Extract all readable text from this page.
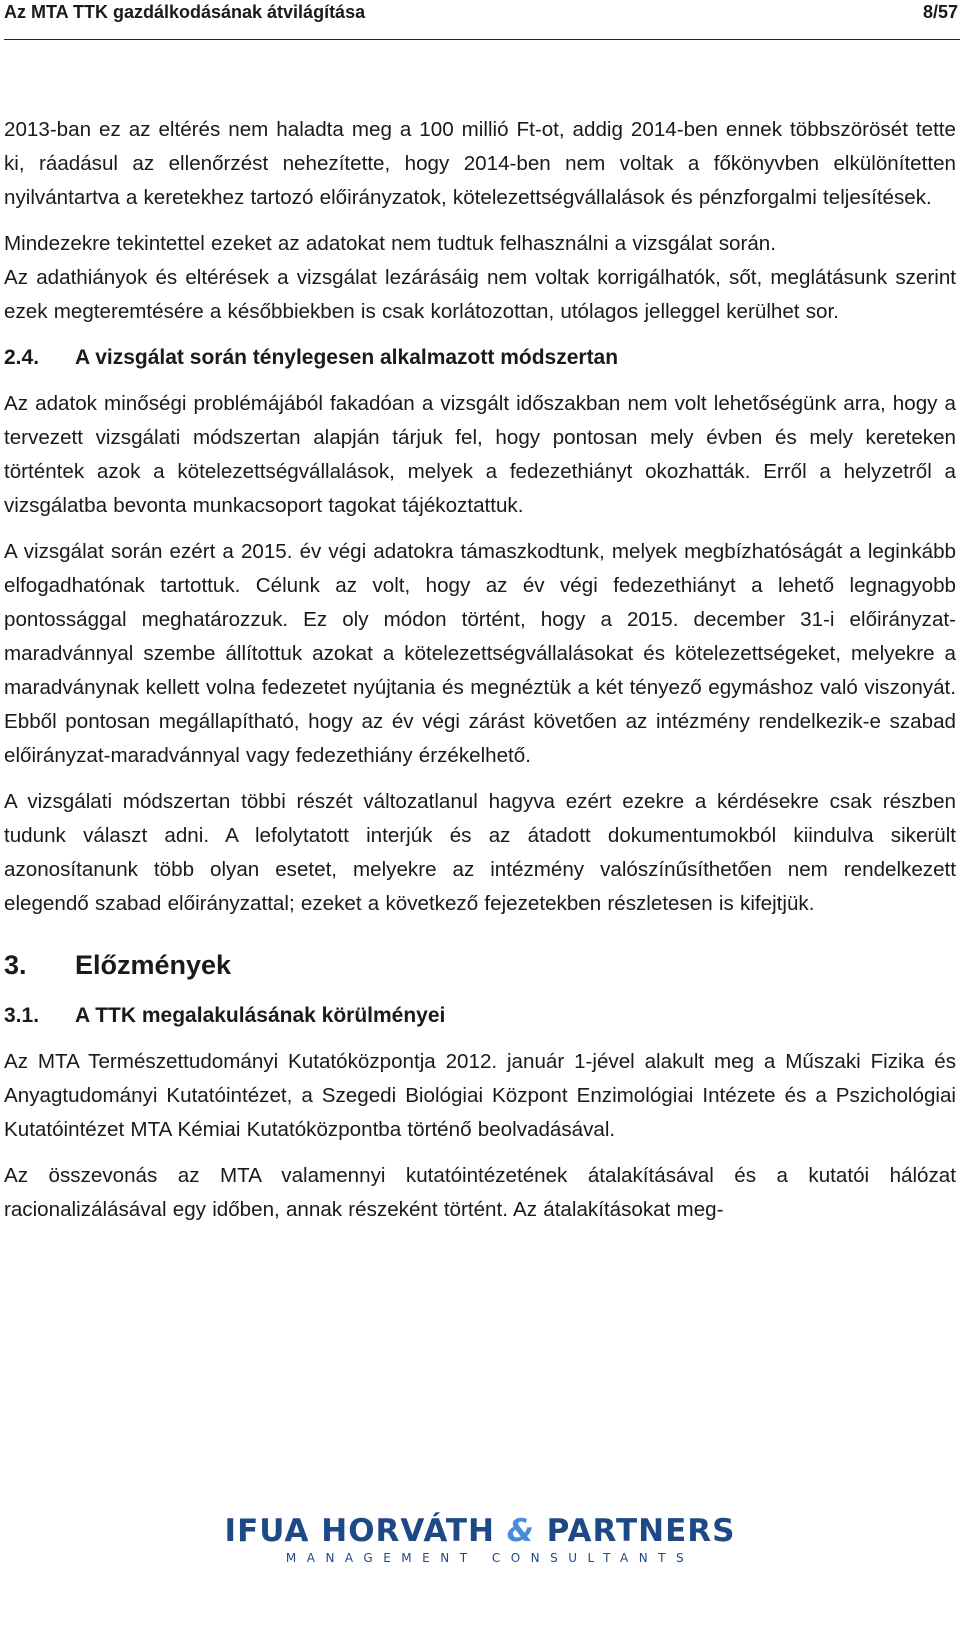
Az MTA TTK gazdálkodásának átvilágítása	8/57

2013-ban ez az eltérés nem haladta meg a 100 millió Ft-ot, addig 2014-ben ennek többszörösét tette ki, ráadásul az ellenőrzést nehezítette, hogy 2014-ben nem voltak a főkönyvben elkülönítetten nyilvántartva a keretekhez tartozó előirányzatok, kötelezettségvállalások és pénzforgalmi teljesítések.

Mindezekre tekintettel ezeket az adatokat nem tudtuk felhasználni a vizsgálat során.

Az adathiányok és eltérések a vizsgálat lezárásáig nem voltak korrigálhatók, sőt, meglátásunk szerint ezek megteremtésére a későbbiekben is csak korlátozottan, utólagos jelleggel kerülhet sor.

2.4.	A vizsgálat során ténylegesen alkalmazott módszertan

Az adatok minőségi problémájából fakadóan a vizsgált időszakban nem volt lehetőségünk arra, hogy a tervezett vizsgálati módszertan alapján tárjuk fel, hogy pontosan mely évben és mely kereteken történtek azok a kötelezettségvállalások, melyek a fedezethiányt okozhatták. Erről a helyzetről a vizsgálatba bevonta munkacsoport tagokat tájékoztattuk.

A vizsgálat során ezért a 2015. év végi adatokra támaszkodtunk, melyek megbízhatóságát a leginkább elfogadhatónak tartottuk. Célunk az volt, hogy az év végi fedezethiányt a lehető legnagyobb pontossággal meghatározzuk. Ez oly módon történt, hogy a 2015. december 31-i előirányzat-maradvánnyal szembe állítottuk azokat a kötelezettségvállalásokat és kötelezettségeket, melyekre a maradványnak kellett volna fedezetet nyújtania és megnéztük a két tényező egymáshoz való viszonyát. Ebből pontosan megállapítható, hogy az év végi zárást követően az intézmény rendelkezik-e szabad előirányzat-maradvánnyal vagy fedezethiány érzékelhető.

A vizsgálati módszertan többi részét változatlanul hagyva ezért ezekre a kérdésekre csak részben tudunk választ adni. A lefolytatott interjúk és az átadott dokumentumokból kiindulva sikerült azonosítanunk több olyan esetet, melyekre az intézmény valószínűsíthetően nem rendelkezett elegendő szabad előirányzattal; ezeket a következő fejezetekben részletesen is kifejtjük.

3.	Előzmények
3.1.	A TTK megalakulásának körülményei

Az MTA Természettudományi Kutatóközpontja 2012. január 1-jével alakult meg a Műszaki Fizika és Anyagtudományi Kutatóintézet, a Szegedi Biológiai Központ Enzimológiai Intézete és a Pszichológiai Kutatóintézet MTA Kémiai Kutatóközpontba történő beolvadásával.

Az összevonás az MTA valamennyi kutatóintézetének átalakításával és a kutatói hálózat racionalizálásával egy időben, annak részeként történt. Az átalakításokat meg-

IFUA HORVÁTH & PARTNERS
MANAGEMENT CONSULTANTS
